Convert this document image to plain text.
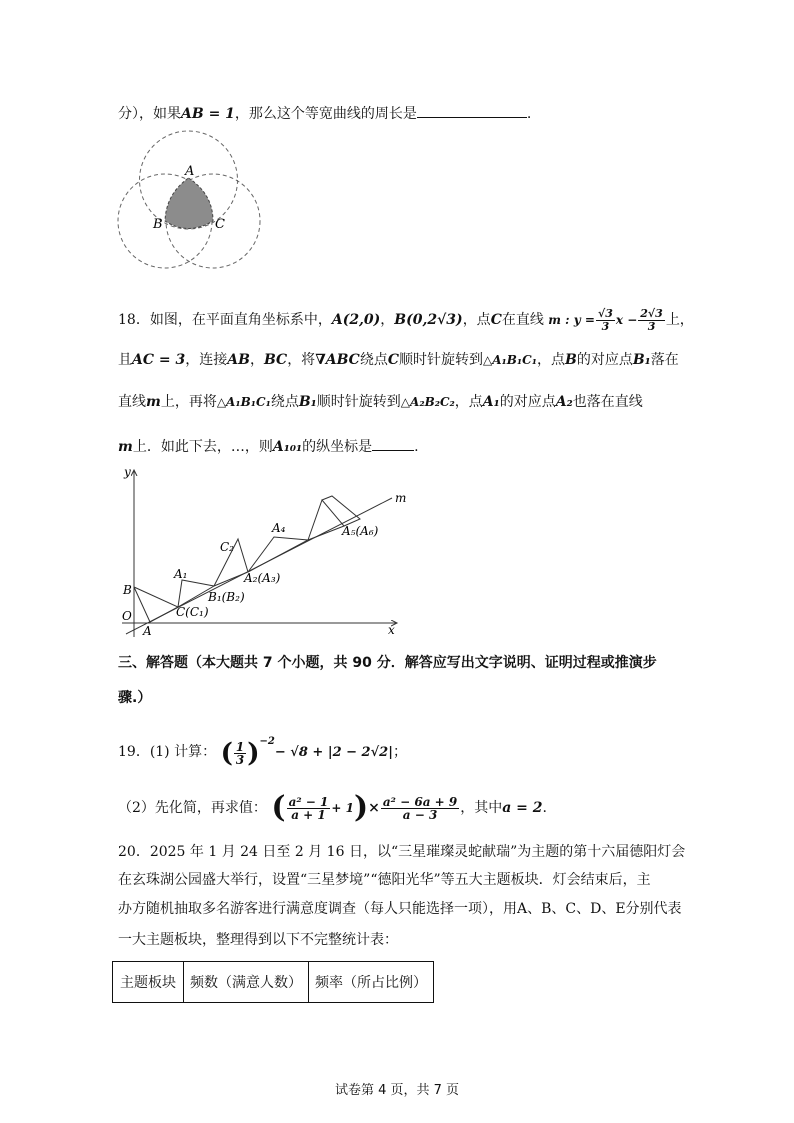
分），如果AB = 1，那么这个等宽曲线的周长是	.
A
B	C
18．如图，在平面直角坐标系中，A(2,0)，B(0,2√3)，点C在直线 m : $y = \frac{√3}{3}$ $x - \frac{2√3}{3}$ 上，
且AC = 3，连接AB，BC，将∇ABC绕点C顺时针旋转到△A₁B₁C₁，点B的对应点B₁落在
直线m上，再将△A₁B₁C₁绕点B₁顺时针旋转到△A₂B₂C₂，点A₁的对应点A₂也落在直线
m上．如此下去，…，则A₁₀₁的纵坐标是	.
x
y
O
m
B
A
C(C₁)
A₁
B₁(B₂)
C₂
A₂(A₃)
A₄	A₅(A₆)
三、解答题（本大题共 7 个小题，共 90 分．解答应写出文字说明、证明过程或推演步
骤.）
19．(1) 计算： ( $\frac{1}{3} )^{-2}- √8 + |2 - 2√2|$；
（2）先化简，再求值： ( $\frac{\text{a² − 1}}{a + 1} + 1)\times \frac{\text{a² − 6a + 9}}{a - 3}$ ，其中a = 2.
20．2025 年 1 月 24 日至 2 月 16 日，以“三星璀璨灵蛇献瑞”为主题的第十六届德阳灯会
在玄珠湖公园盛大举行，设置“三星梦境”“德阳光华”等五大主题板块．灯会结束后，主
办方随机抽取多名游客进行满意度调查（每人只能选择一项），用A、B、C、D、E分别代表
一大主题板块，整理得到以下不完整统计表：
主题板块	频数（满意人数）	频率（所占比例）
试卷第 4 页，共 7 页
